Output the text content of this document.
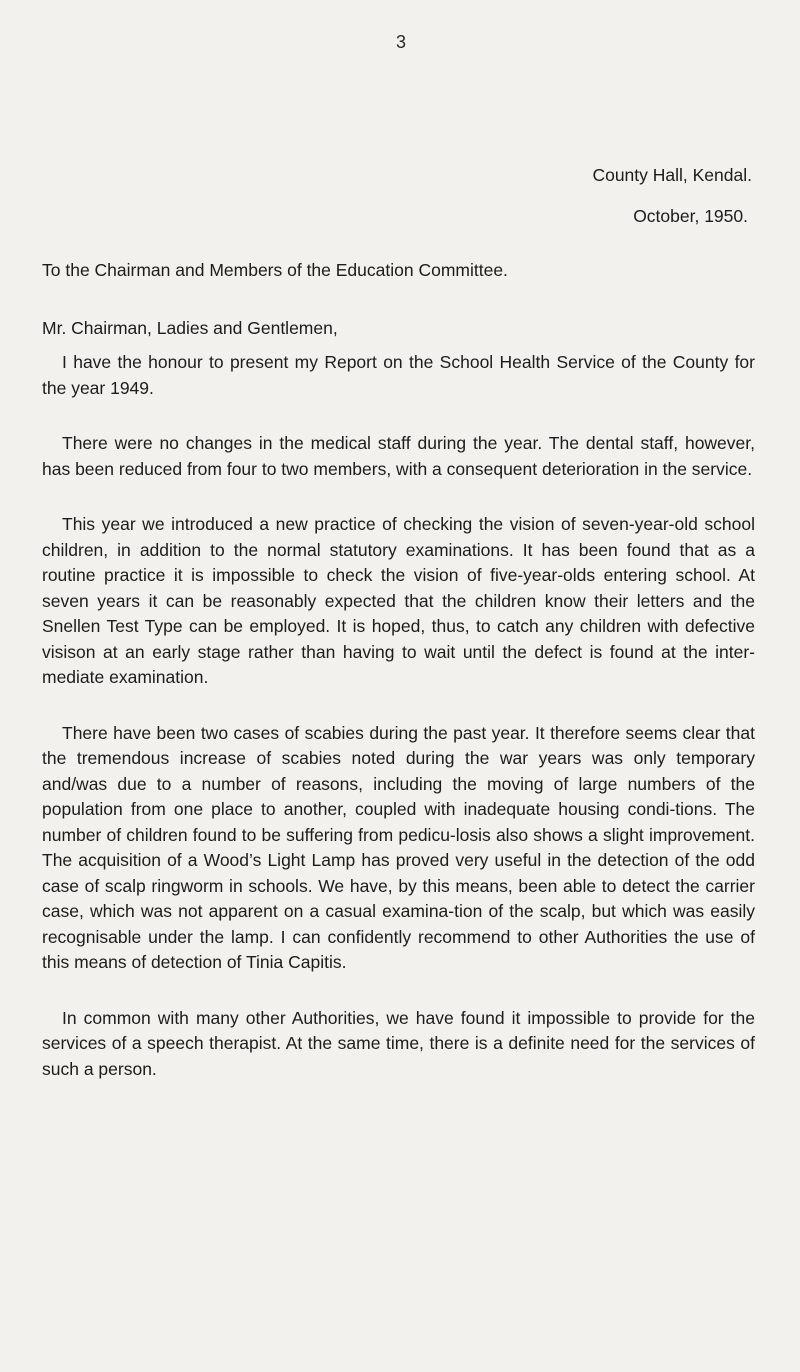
3
County Hall, Kendal.
October, 1950.

To the Chairman and Members of the Education Committee.

Mr. Chairman, Ladies and Gentlemen,

I have the honour to present my Report on the School Health Service of the County for the year 1949.

There were no changes in the medical staff during the year. The dental staff, however, has been reduced from four to two members, with a consequent deterioration in the service.

This year we introduced a new practice of checking the vision of seven-year-old school children, in addition to the normal statutory examinations. It has been found that as a routine practice it is impossible to check the vision of five-year-olds entering school. At seven years it can be reasonably expected that the children know their letters and the Snellen Test Type can be employed. It is hoped, thus, to catch any children with defective visison at an early stage rather than having to wait until the defect is found at the inter-mediate examination.

There have been two cases of scabies during the past year. It therefore seems clear that the tremendous increase of scabies noted during the war years was only temporary and/was due to a number of reasons, including the moving of large numbers of the population from one place to another, coupled with inadequate housing condi-tions. The number of children found to be suffering from pedicu-losis also shows a slight improvement. The acquisition of a Wood’s Light Lamp has proved very useful in the detection of the odd case of scalp ringworm in schools. We have, by this means, been able to detect the carrier case, which was not apparent on a casual examina-tion of the scalp, but which was easily recognisable under the lamp. I can confidently recommend to other Authorities the use of this means of detection of Tinia Capitis.

In common with many other Authorities, we have found it impossible to provide for the services of a speech therapist. At the same time, there is a definite need for the services of such a person.
